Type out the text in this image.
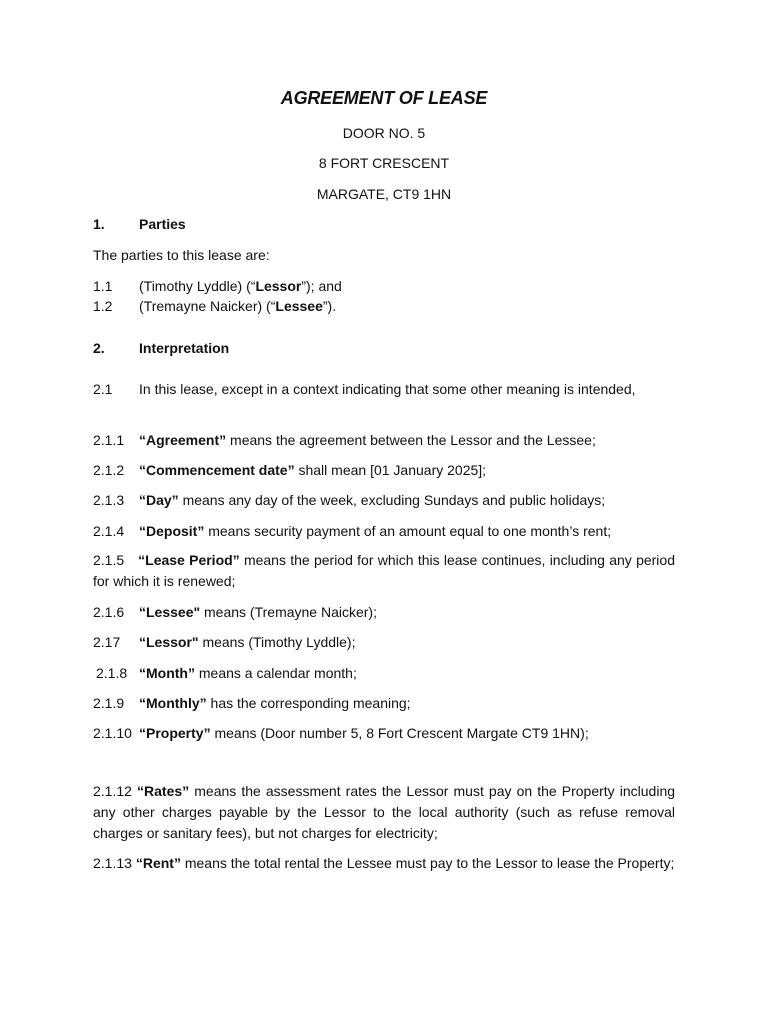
AGREEMENT OF LEASE
DOOR NO. 5
8 FORT CRESCENT
MARGATE, CT9 1HN
1. Parties
The parties to this lease are:
1.1 (Timothy Lyddle) (“Lessor”); and
1.2 (Tremayne Naicker) (“Lessee”).
2. Interpretation
2.1 In this lease, except in a context indicating that some other meaning is intended,
2.1.1 “Agreement” means the agreement between the Lessor and the Lessee;
2.1.2 “Commencement date” shall mean [01 January 2025];
2.1.3 “Day” means any day of the week, excluding Sundays and public holidays;
2.1.4 “Deposit” means security payment of an amount equal to one month’s rent;
2.1.5 “Lease Period” means the period for which this lease continues, including any period for which it is renewed;
2.1.6 “Lessee" means (Tremayne Naicker);
2.17 “Lessor" means (Timothy Lyddle);
2.1.8 “Month” means a calendar month;
2.1.9 “Monthly” has the corresponding meaning;
2.1.10 “Property” means (Door number 5, 8 Fort Crescent Margate CT9 1HN);
2.1.12 “Rates” means the assessment rates the Lessor must pay on the Property including any other charges payable by the Lessor to the local authority (such as refuse removal charges or sanitary fees), but not charges for electricity;
2.1.13 “Rent” means the total rental the Lessee must pay to the Lessor to lease the Property;
